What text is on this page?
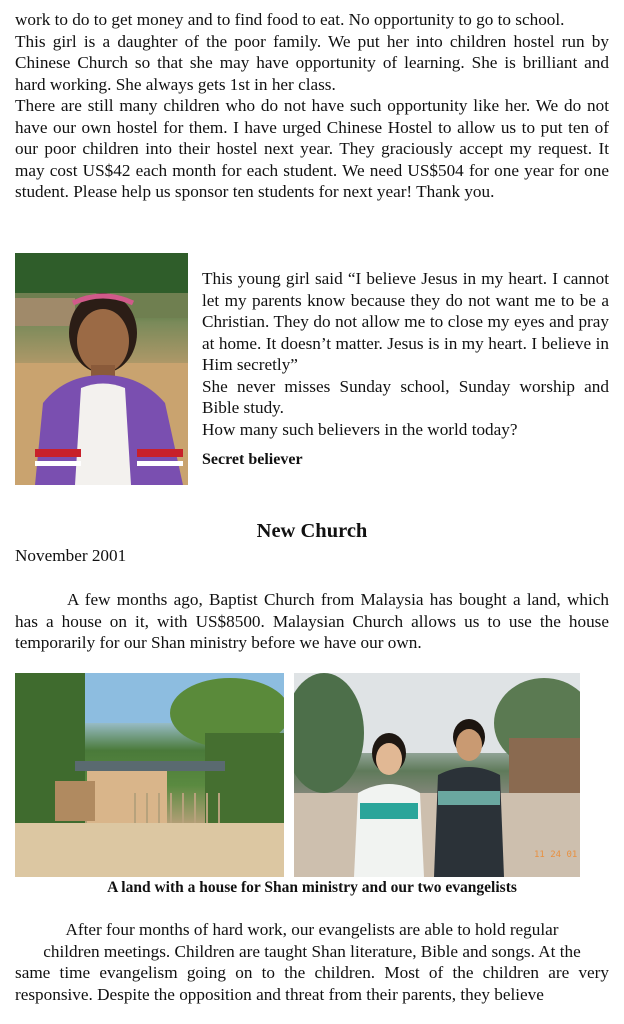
work to do to get money and to find food to eat. No opportunity to go to school.

This girl is a daughter of the poor family. We put her into children hostel run by Chinese Church so that she may have opportunity of learning. She is brilliant and hard working. She always gets 1st in her class.

There are still many children who do not have such opportunity like her. We do not have our own hostel for them. I have urged Chinese Hostel to allow us to put ten of our poor children into their hostel next year. They graciously accept my request. It may cost US$42 each month for each student. We need US$504 for one year for one student. Please help us sponsor ten students for next year! Thank you.

This young girl said “I believe Jesus in my heart. I cannot let my parents know because they do not want me to be a Christian. They do not allow me to close my eyes and pray at home. It doesn’t matter. Jesus is in my heart. I believe in Him secretly”

She never misses Sunday school, Sunday worship and Bible study.

How many such believers in the world today?

Secret believer

New Church
November 2001

A few months ago, Baptist Church from Malaysia has bought a land, which has a house on it, with US$8500. Malaysian Church allows us to use the house temporarily for our Shan ministry before we have our own.

11 24 01
A land with a house for Shan ministry and our two evangelists

After four months of hard work, our evangelists are able to hold regular

children meetings. Children are taught Shan literature, Bible and songs. At the

same time evangelism going on to the children. Most of the children are very responsive. Despite the opposition and threat from their parents, they believe
